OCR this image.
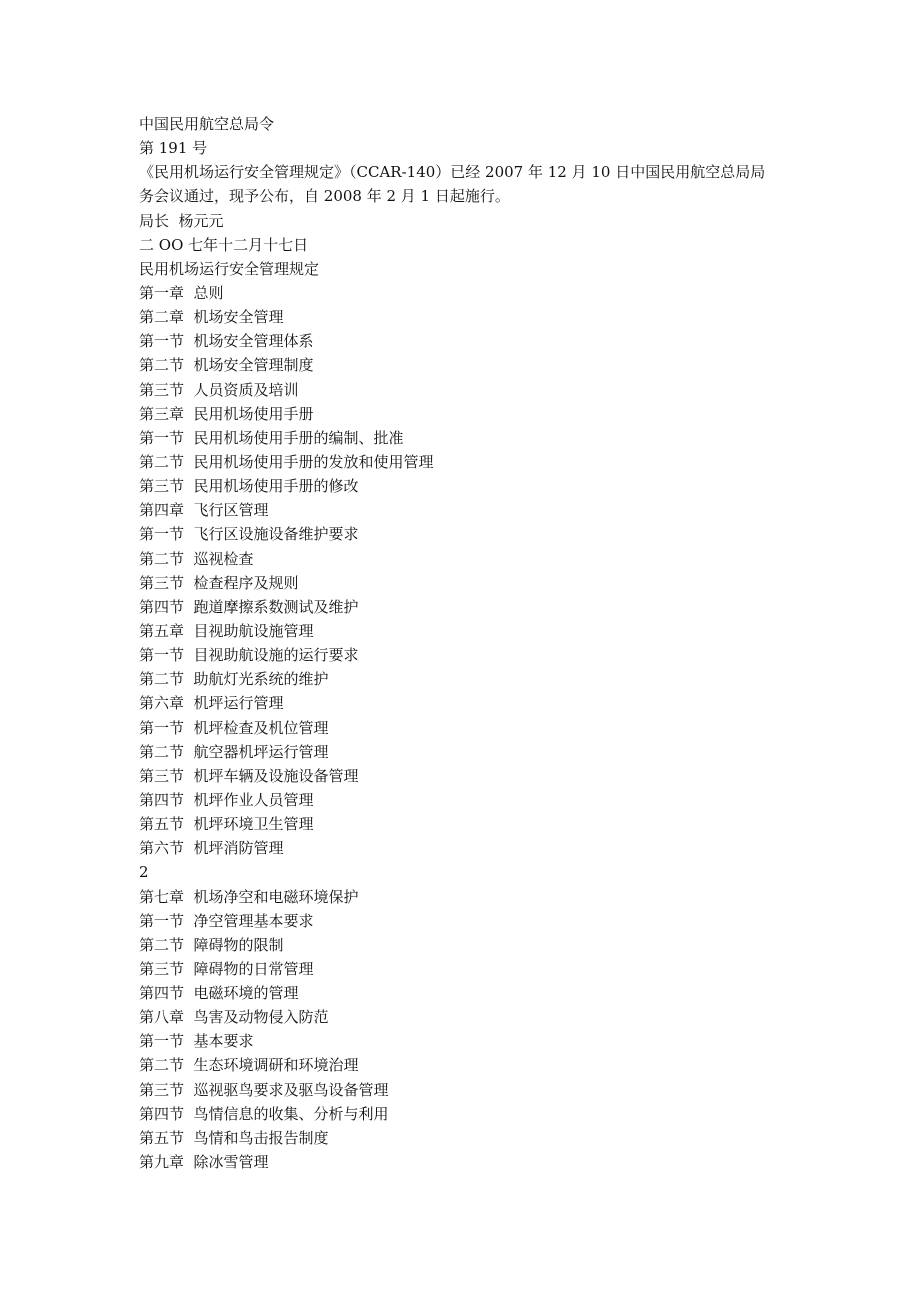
中国民用航空总局令
第 191 号
《民用机场运行安全管理规定》（CCAR-140）已经 2007 年 12 月 10 日中国民用航空总局局
务会议通过，现予公布，自 2008 年 2 月 1 日起施行。
局长  杨元元
二 OO 七年十二月十七日
民用机场运行安全管理规定
第一章  总则
第二章  机场安全管理
第一节  机场安全管理体系
第二节  机场安全管理制度
第三节  人员资质及培训
第三章  民用机场使用手册
第一节  民用机场使用手册的编制、批准
第二节  民用机场使用手册的发放和使用管理
第三节  民用机场使用手册的修改
第四章  飞行区管理
第一节  飞行区设施设备维护要求
第二节  巡视检查
第三节  检查程序及规则
第四节  跑道摩擦系数测试及维护
第五章  目视助航设施管理
第一节  目视助航设施的运行要求
第二节  助航灯光系统的维护
第六章  机坪运行管理
第一节  机坪检查及机位管理
第二节  航空器机坪运行管理
第三节  机坪车辆及设施设备管理
第四节  机坪作业人员管理
第五节  机坪环境卫生管理
第六节  机坪消防管理
2
第七章  机场净空和电磁环境保护
第一节  净空管理基本要求
第二节  障碍物的限制
第三节  障碍物的日常管理
第四节  电磁环境的管理
第八章  鸟害及动物侵入防范
第一节  基本要求
第二节  生态环境调研和环境治理
第三节  巡视驱鸟要求及驱鸟设备管理
第四节  鸟情信息的收集、分析与利用
第五节  鸟情和鸟击报告制度
第九章  除冰雪管理
